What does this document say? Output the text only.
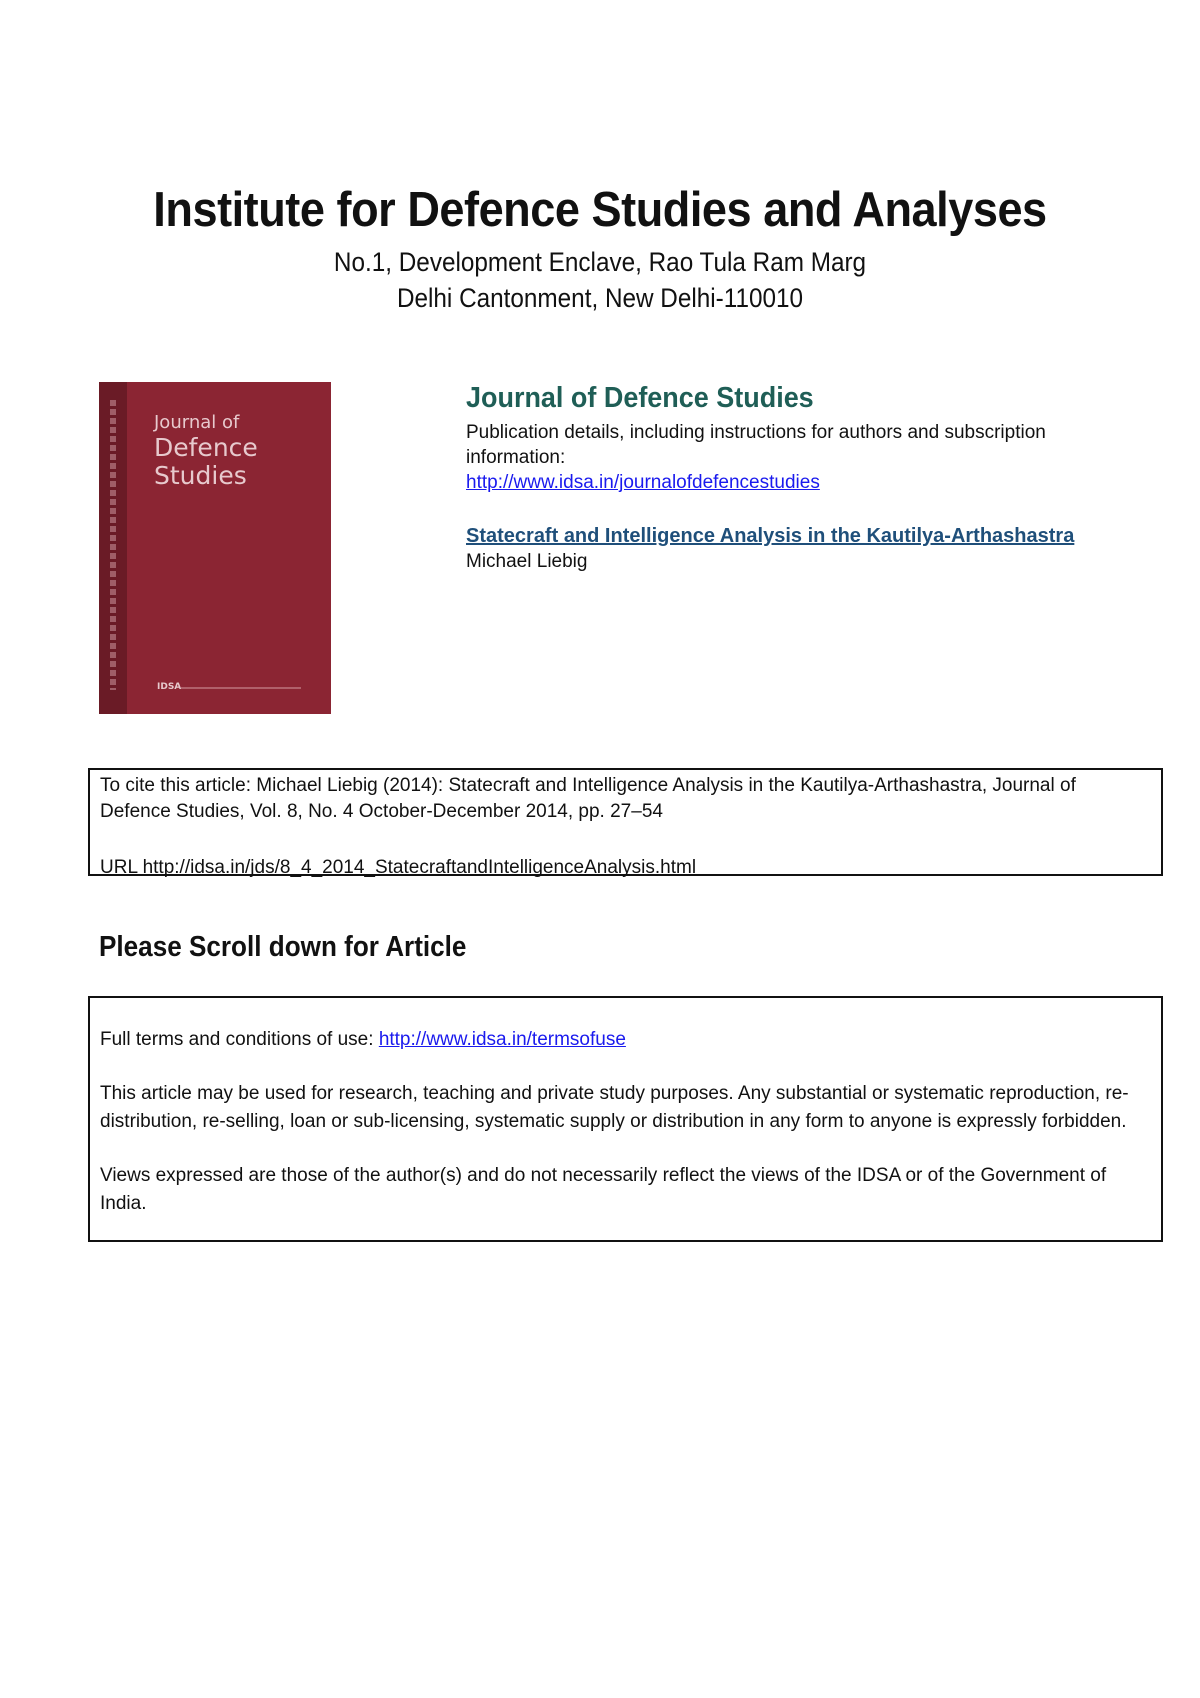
Institute for Defence Studies and Analyses

No.1, Development Enclave, Rao Tula Ram Marg

Delhi Cantonment, New Delhi-110010

Journal of
Defence
Studies
IDSA
Journal of Defence Studies

Publication details, including instructions for authors and subscription information:

http://www.idsa.in/journalofdefencestudies
Statecraft and Intelligence Analysis in the Kautilya-Arthashastra

Michael Liebig

To cite this article: Michael Liebig (2014): Statecraft and Intelligence Analysis in the Kautilya-Arthashastra, Journal of Defence Studies, Vol. 8, No. 4 October-December 2014, pp. 27–54

URL http://idsa.in/jds/8_4_2014_StatecraftandIntelligenceAnalysis.html

Please Scroll down for Article

Full terms and conditions of use: http://www.idsa.in/termsofuse

This article may be used for research, teaching and private study purposes. Any substantial or systematic reproduction, re-distribution, re-selling, loan or sub-licensing, systematic supply or distribution in any form to anyone is expressly forbidden.

Views expressed are those of the author(s) and do not necessarily reflect the views of the IDSA or of the Government of India.
